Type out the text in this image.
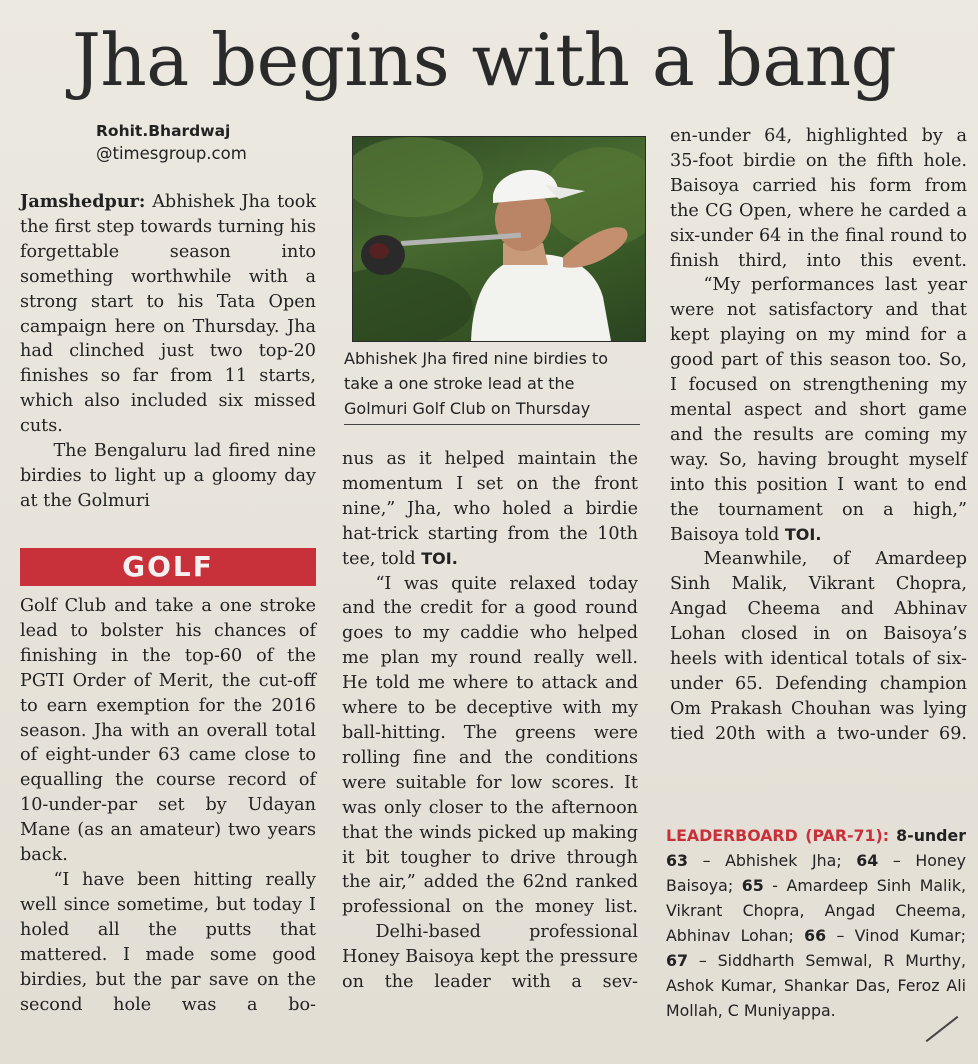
Jha begins with a bang
Rohit.Bhardwaj
@timesgroup.com

Jamshedpur: Abhishek Jha took the first step towards turning his forgettable season into something worthwhile with a strong start to his Tata Open campaign here on Thursday. Jha had clinched just two top-20 finishes so far from 11 starts, which also included six missed cuts.

The Bengaluru lad fired nine birdies to light up a gloomy day at the Golmuri

GOLF

Golf Club and take a one stroke lead to bolster his chances of finishing in the top-60 of the PGTI Order of Merit, the cut-off to earn exemption for the 2016 season. Jha with an overall total of eight-under 63 came close to equalling the course record of 10-under-par set by Udayan Mane (as an amateur) two years back.

“I have been hitting really well since sometime, but today I holed all the putts that mattered. I made some good birdies, but the par save on the second hole was a bo-

Abhishek Jha fired nine birdies to
take a one stroke lead at the
Golmuri Golf Club on Thursday

nus as it helped maintain the momentum I set on the front nine,” Jha, who holed a birdie hat-trick starting from the 10th tee, told TOI.

“I was quite relaxed today and the credit for a good round goes to my caddie who helped me plan my round really well. He told me where to attack and where to be deceptive with my ball-hitting. The greens were rolling fine and the conditions were suitable for low scores. It was only closer to the afternoon that the winds picked up making it bit tougher to drive through the air,” added the 62nd ranked professional on the money list.

Delhi-based professional Honey Baisoya kept the pressure on the leader with a sev-

en-under 64, highlighted by a 35-foot birdie on the fifth hole. Baisoya carried his form from the CG Open, where he carded a six-under 64 in the final round to finish third, into this event.

“My performances last year were not satisfactory and that kept playing on my mind for a good part of this season too. So, I focused on strengthening my mental aspect and short game and the results are coming my way. So, having brought myself into this position I want to end the tournament on a high,” Baisoya told TOI.

Meanwhile, of Amardeep Sinh Malik, Vikrant Chopra, Angad Cheema and Abhinav Lohan closed in on Baisoya’s heels with identical totals of six-under 65. Defending champion Om Prakash Chouhan was lying tied 20th with a two-under 69.

LEADERBOARD (PAR-71): 8-under 63 – Abhishek Jha; 64 – Honey Baisoya; 65 - Amardeep Sinh Malik, Vikrant Chopra, Angad Cheema, Abhinav Lohan; 66 – Vinod Kumar; 67 – Siddharth Semwal, R Murthy, Ashok Kumar, Shankar Das, Feroz Ali Mollah, C Muniyappa.
